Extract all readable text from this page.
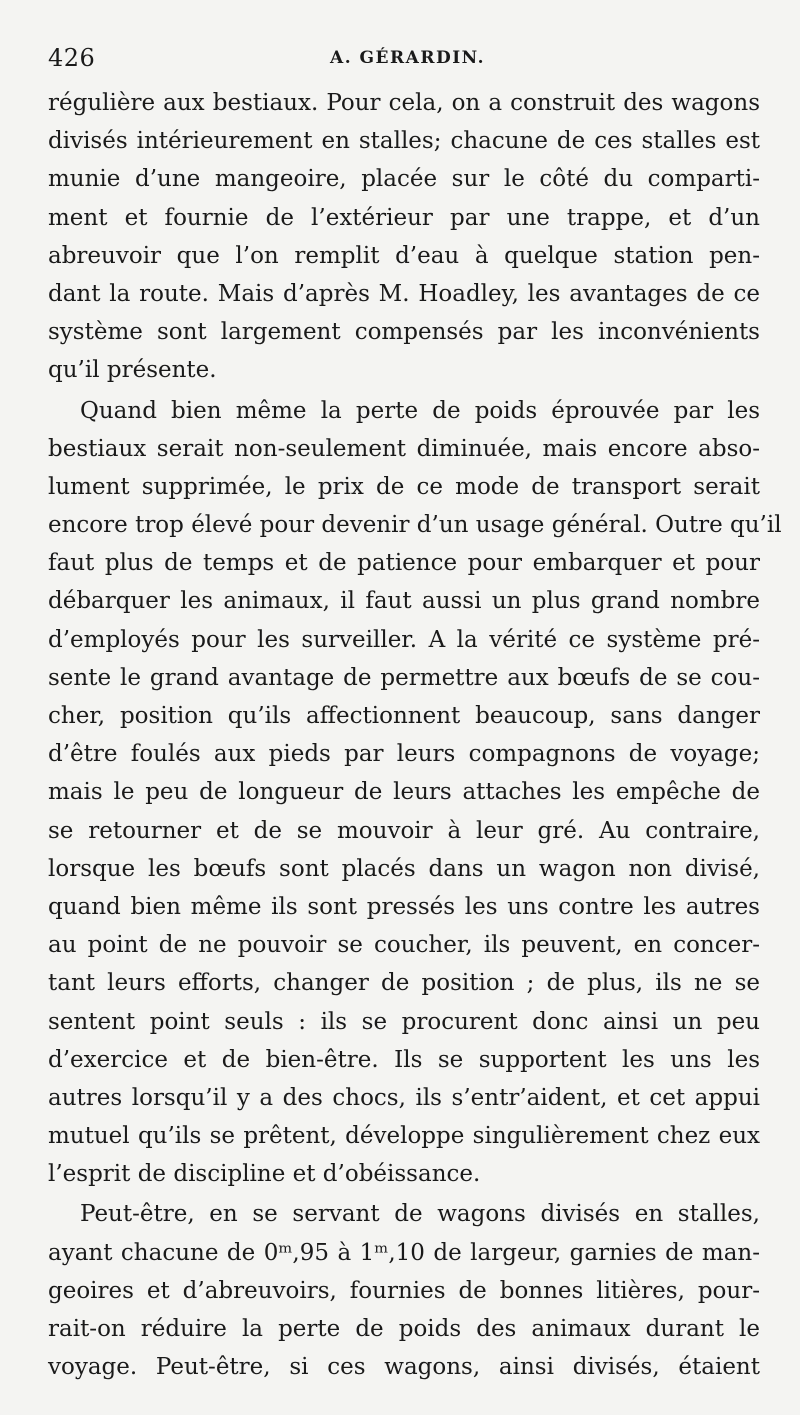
426	A. GÉRARDIN.
régulière aux bestiaux. Pour cela, on a construit des wagons
divisés intérieurement en stalles; chacune de ces stalles est
munie d’une mangeoire, placée sur le côté du comparti-
ment et fournie de l’extérieur par une trappe, et d’un
abreuvoir que l’on remplit d’eau à quelque station pen-
dant la route. Mais d’après M. Hoadley, les avantages de ce
système sont largement compensés par les inconvénients
qu’il présente.
Quand bien même la perte de poids éprouvée par les
bestiaux serait non-seulement diminuée, mais encore abso-
lument supprimée, le prix de ce mode de transport serait
encore trop élevé pour devenir d’un usage général. Outre qu’il
faut plus de temps et de patience pour embarquer et pour
débarquer les animaux, il faut aussi un plus grand nombre
d’employés pour les surveiller. A la vérité ce système pré-
sente le grand avantage de permettre aux bœufs de se cou-
cher, position qu’ils affectionnent beaucoup, sans danger
d’être foulés aux pieds par leurs compagnons de voyage;
mais le peu de longueur de leurs attaches les empêche de
se retourner et de se mouvoir à leur gré. Au contraire,
lorsque les bœufs sont placés dans un wagon non divisé,
quand bien même ils sont pressés les uns contre les autres
au point de ne pouvoir se coucher, ils peuvent, en concer-
tant leurs efforts, changer de position ; de plus, ils ne se
sentent point seuls : ils se procurent donc ainsi un peu
d’exercice et de bien-être. Ils se supportent les uns les
autres lorsqu’il y a des chocs, ils s’entr’aident, et cet appui
mutuel qu’ils se prêtent, développe singulièrement chez eux
l’esprit de discipline et d’obéissance.
Peut-être, en se servant de wagons divisés en stalles,
ayant chacune de 0ᵐ,95 à 1ᵐ,10 de largeur, garnies de man-
geoires et d’abreuvoirs, fournies de bonnes litières, pour-
rait-on réduire la perte de poids des animaux durant le
voyage. Peut-être, si ces wagons, ainsi divisés, étaient
